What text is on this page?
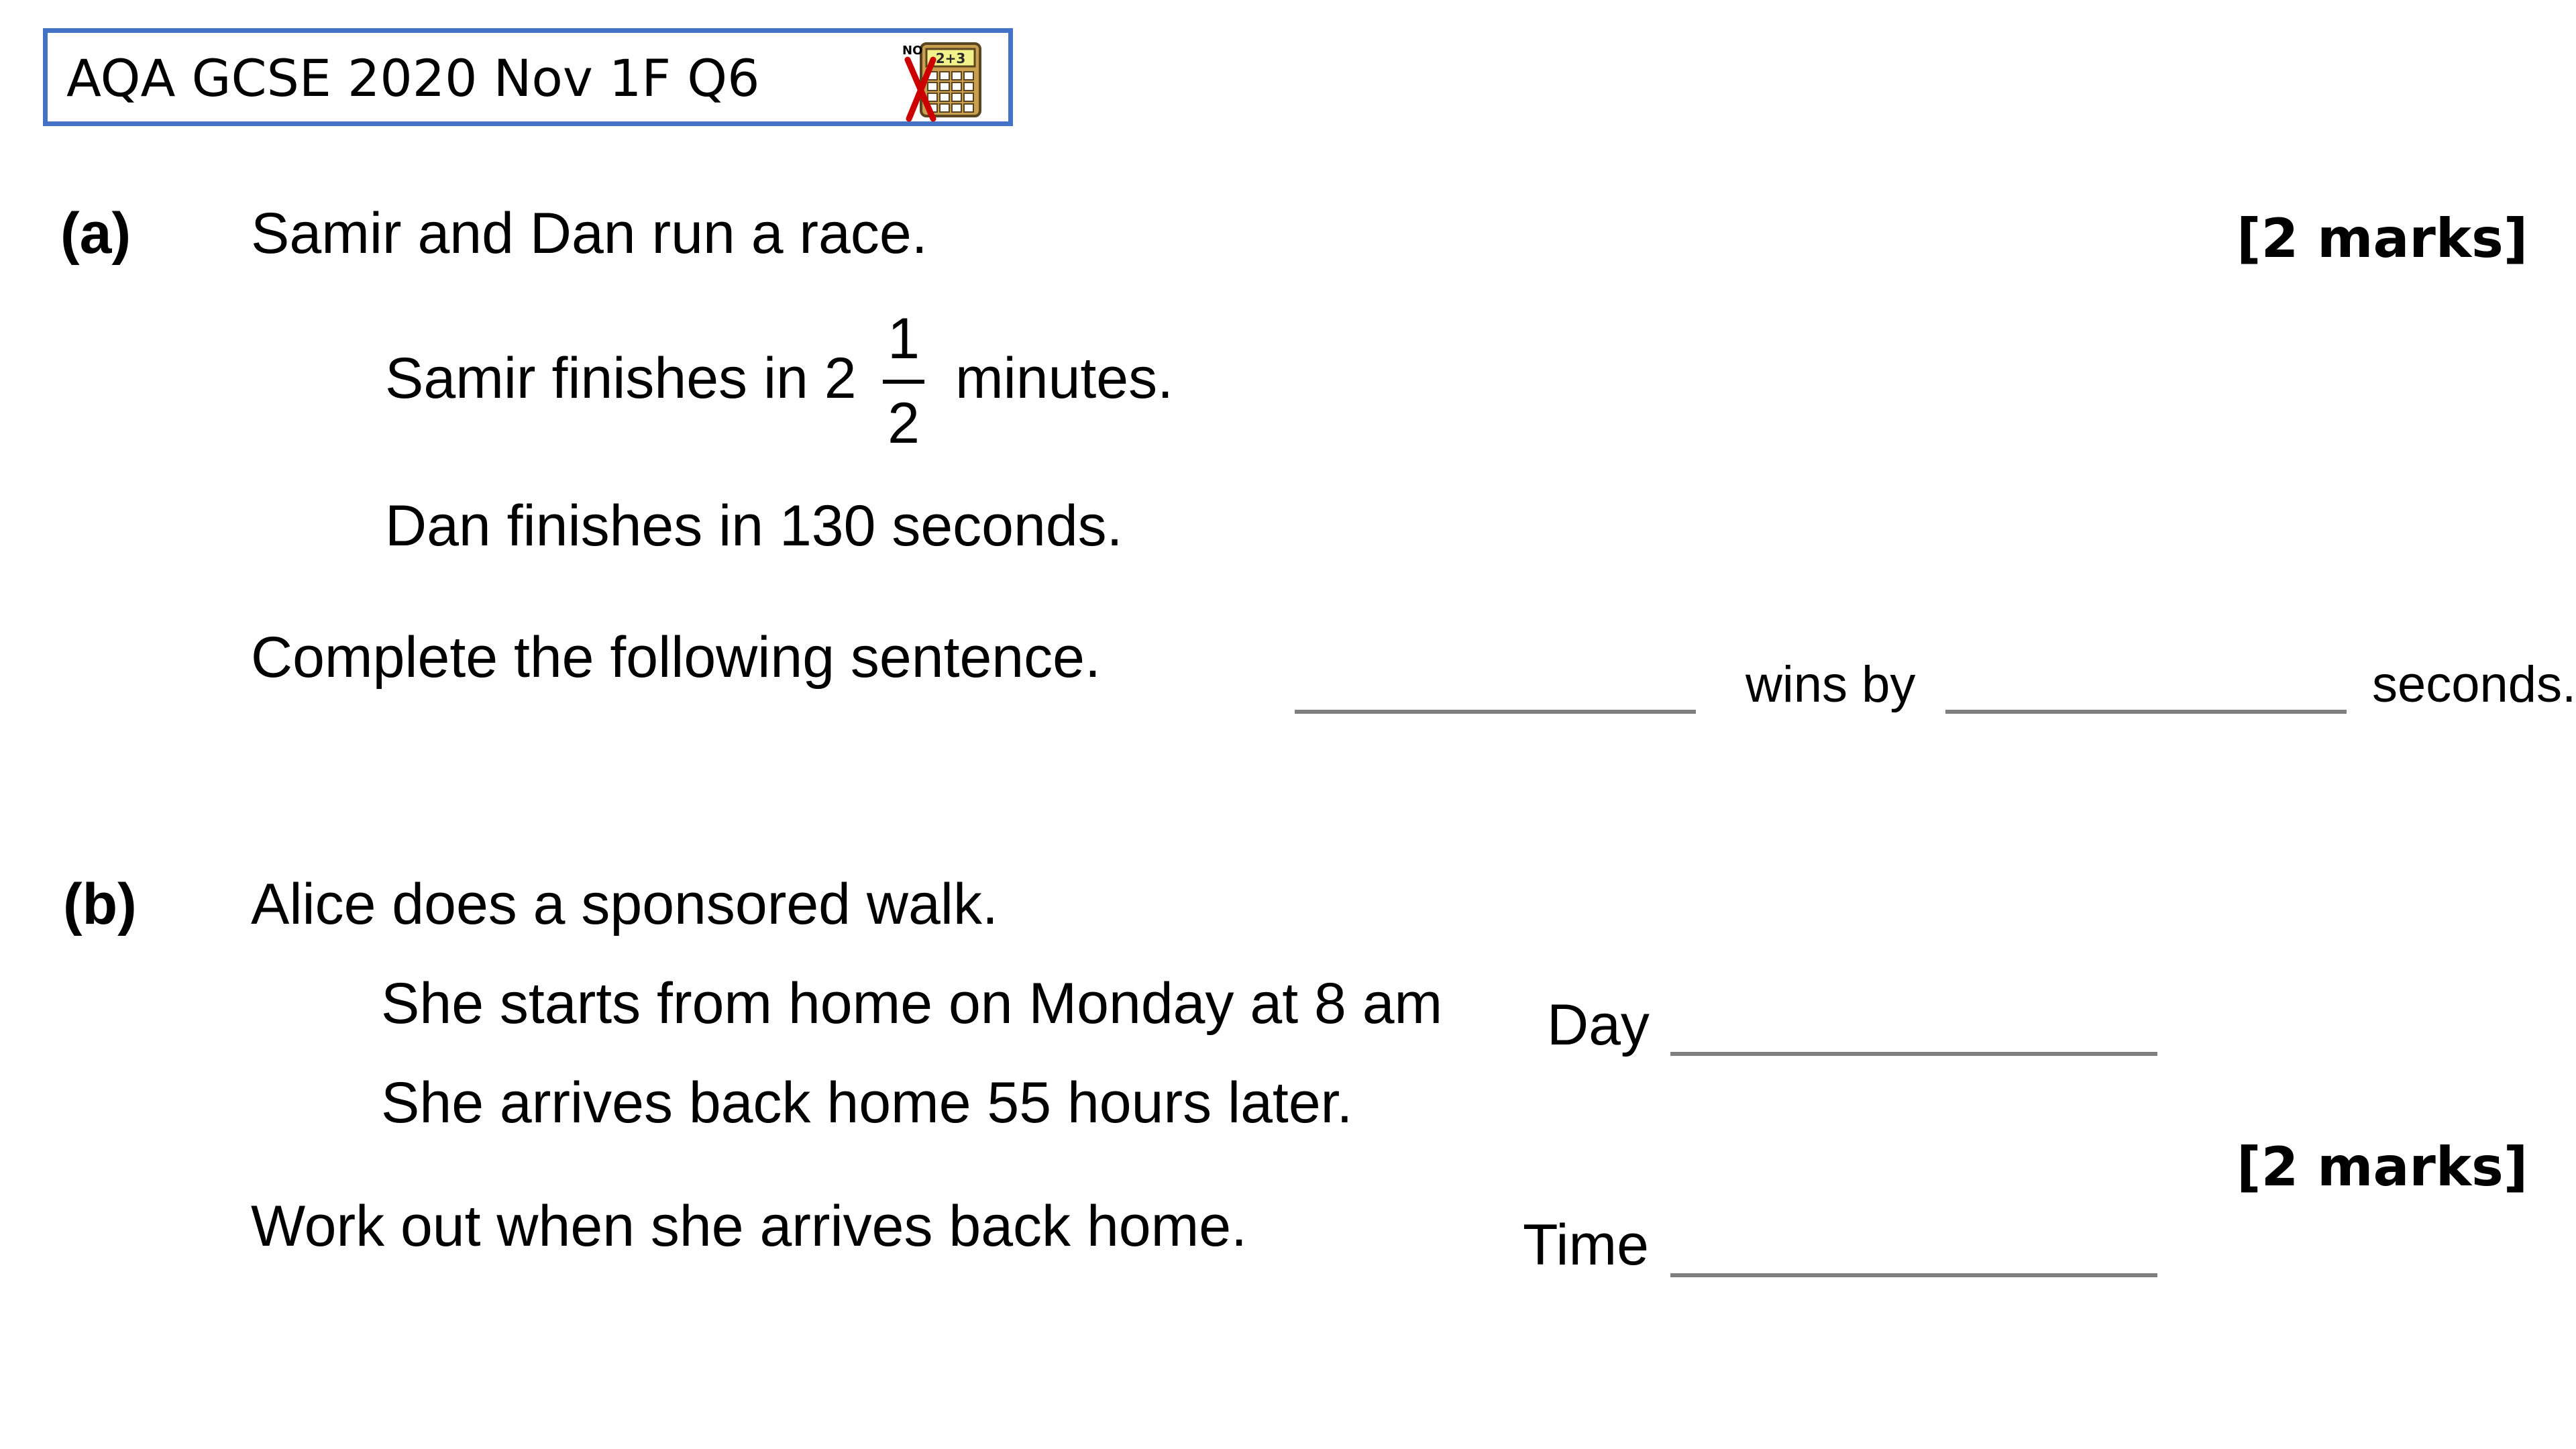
AQA GCSE 2020 Nov 1F Q6	2+3
NO
(a) Samir and Dan run a race.	[2 marks]
Samir finishes in 2
1
2
minutes.
Dan finishes in 130 seconds.
Complete the following sentence.	wins by	seconds.
(b) Alice does a sponsored walk.
She starts from home on Monday at 8 am
She arrives back home 55 hours later.
Day
[2 marks]
Work out when she arrives back home.	Time
